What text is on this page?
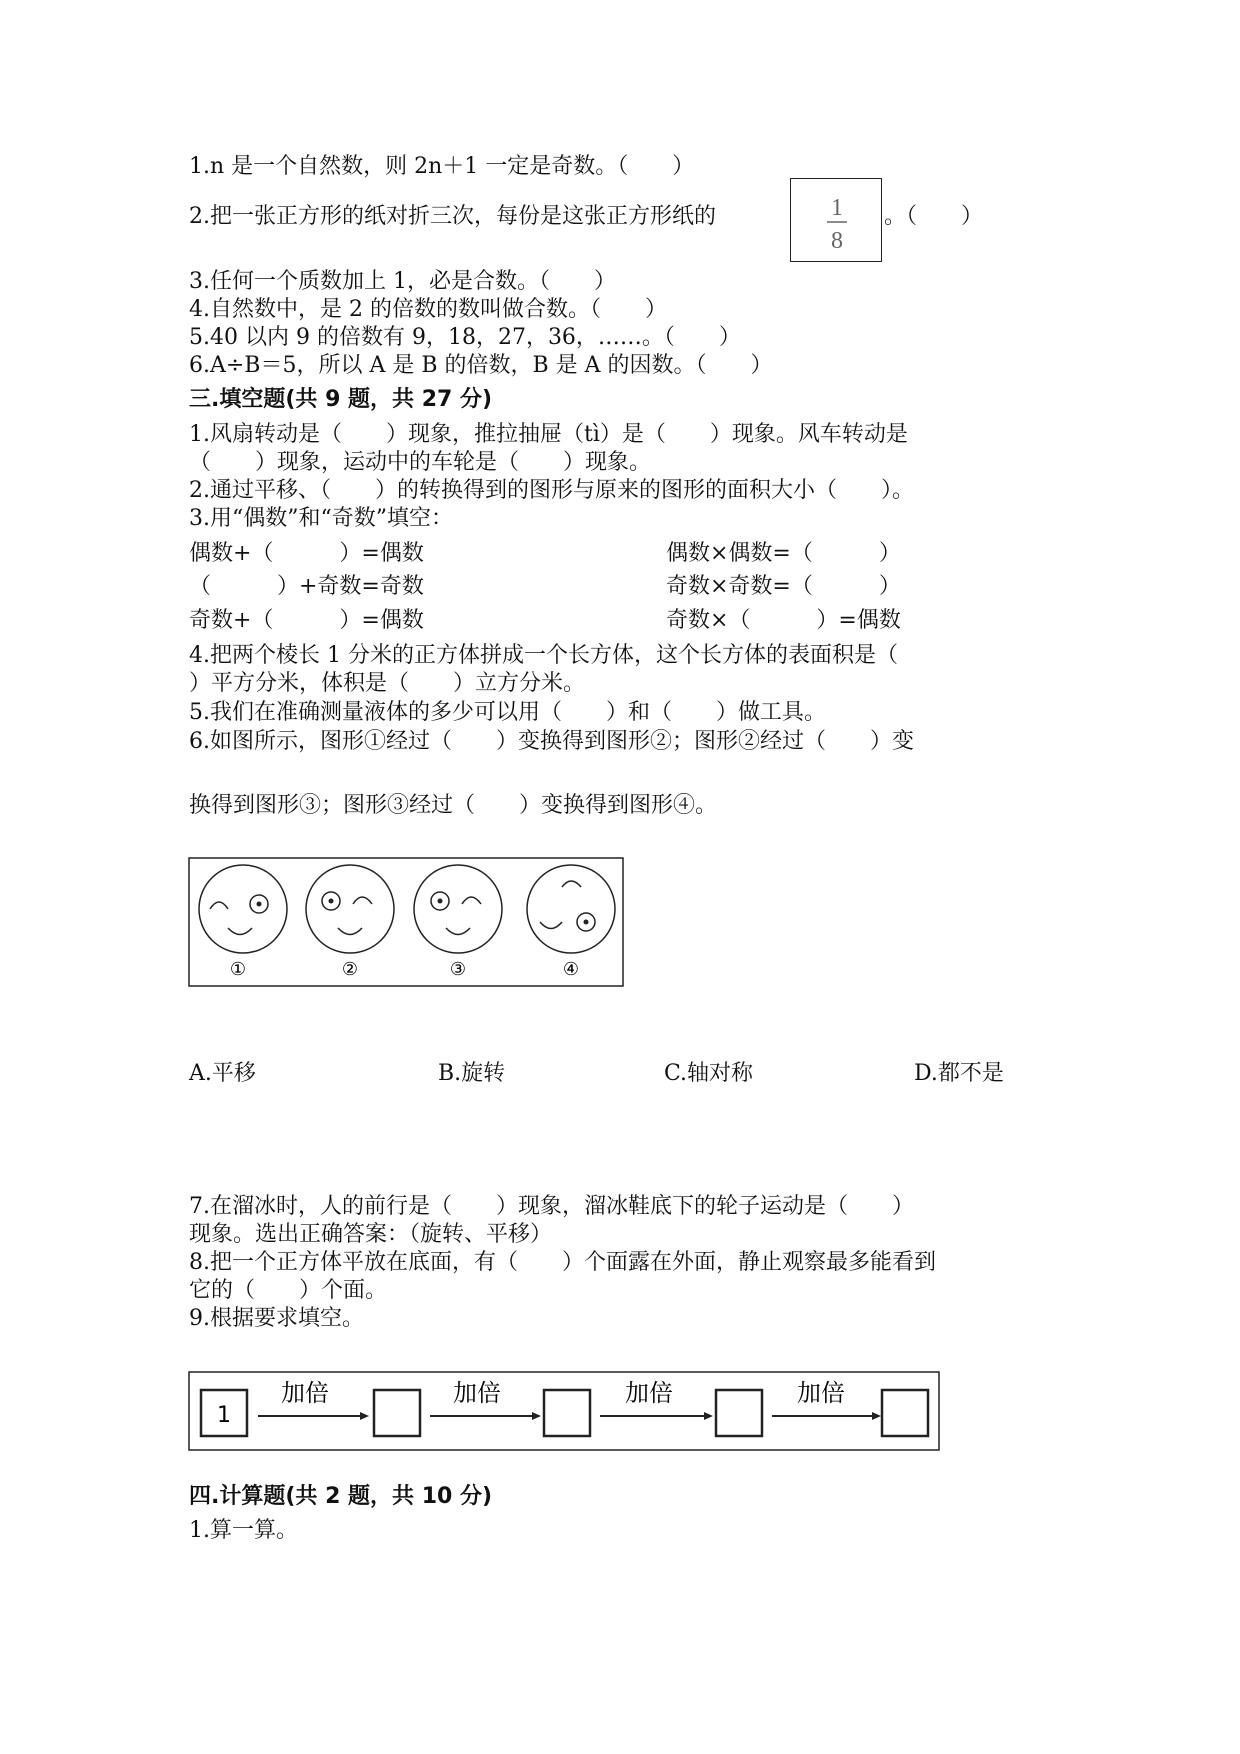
1.n 是一个自然数，则 2n＋1 一定是奇数。（　　）
2.把一张正方形的纸对折三次，每份是这张正方形纸的	1
8
。（　　）
3.任何一个质数加上 1，必是合数。（　　）
4.自然数中，是 2 的倍数的数叫做合数。（　　）
5.40 以内 9 的倍数有 9，18，27，36，……。（　　）
6.A÷B＝5，所以 A 是 B 的倍数，B 是 A 的因数。（　　）
三.填空题(共 9 题，共 27 分)
1.风扇转动是（　　）现象，推拉抽屉（tì）是（　　）现象。风车转动是
（　　）现象，运动中的车轮是（　　）现象。
2.通过平移、（　　）的转换得到的图形与原来的图形的面积大小（　　）。
3.用“偶数”和“奇数”填空：
偶数+（　　　）=偶数	偶数×偶数=（　　　）
（　　　）+奇数=奇数	奇数×奇数=（　　　）
奇数+（　　　）=偶数	奇数×（　　　）=偶数
4.把两个棱长 1 分米的正方体拼成一个长方体，这个长方体的表面积是（
）平方分米，体积是（　　）立方分米。
5.我们在准确测量液体的多少可以用（　　）和（　　）做工具。
6.如图所示，图形①经过（　　）变换得到图形②；图形②经过（　　）变
换得到图形③；图形③经过（　　）变换得到图形④。
①	②	③	④
A.平移	B.旋转	C.轴对称	D.都不是
7.在溜冰时，人的前行是（　　）现象，溜冰鞋底下的轮子运动是（　　）
现象。选出正确答案：（旋转、平移）
8.把一个正方体平放在底面，有（　　）个面露在外面，静止观察最多能看到
它的（　　）个面。
9.根据要求填空。
1
加倍	加倍	加倍	加倍
四.计算题(共 2 题，共 10 分)
1.算一算。
